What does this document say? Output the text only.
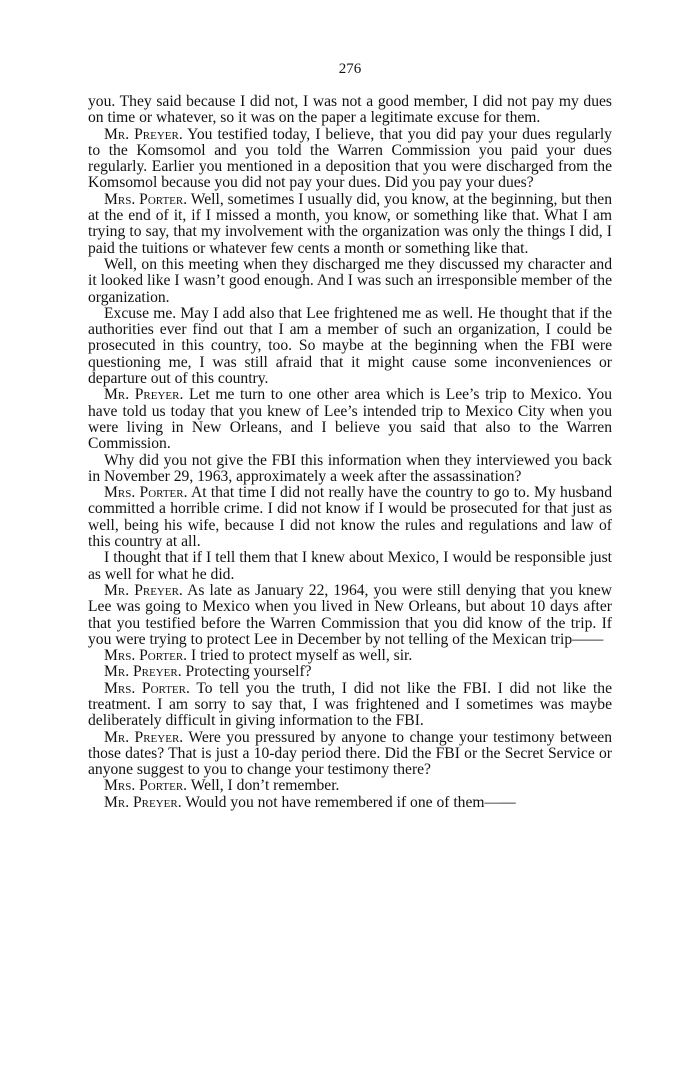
276

you. They said because I did not, I was not a good member, I did not pay my dues on time or whatever, so it was on the paper a legitimate excuse for them.

Mr. Preyer. You testified today, I believe, that you did pay your dues regularly to the Komsomol and you told the Warren Commission you paid your dues regularly. Earlier you mentioned in a deposition that you were discharged from the Komsomol because you did not pay your dues. Did you pay your dues?

Mrs. Porter. Well, sometimes I usually did, you know, at the beginning, but then at the end of it, if I missed a month, you know, or something like that. What I am trying to say, that my involvement with the organization was only the things I did, I paid the tuitions or whatever few cents a month or something like that.

Well, on this meeting when they discharged me they discussed my character and it looked like I wasn’t good enough. And I was such an irresponsible member of the organization.

Excuse me. May I add also that Lee frightened me as well. He thought that if the authorities ever find out that I am a member of such an organization, I could be prosecuted in this country, too. So maybe at the beginning when the FBI were questioning me, I was still afraid that it might cause some inconveniences or departure out of this country.

Mr. Preyer. Let me turn to one other area which is Lee’s trip to Mexico. You have told us today that you knew of Lee’s intended trip to Mexico City when you were living in New Orleans, and I believe you said that also to the Warren Commission.

Why did you not give the FBI this information when they interviewed you back in November 29, 1963, approximately a week after the assassination?

Mrs. Porter. At that time I did not really have the country to go to. My husband committed a horrible crime. I did not know if I would be prosecuted for that just as well, being his wife, because I did not know the rules and regulations and law of this country at all.

I thought that if I tell them that I knew about Mexico, I would be responsible just as well for what he did.

Mr. Preyer. As late as January 22, 1964, you were still denying that you knew Lee was going to Mexico when you lived in New Orleans, but about 10 days after that you testified before the Warren Commission that you did know of the trip. If you were trying to protect Lee in December by not telling of the Mexican trip——

Mrs. Porter. I tried to protect myself as well, sir.

Mr. Preyer. Protecting yourself?

Mrs. Porter. To tell you the truth, I did not like the FBI. I did not like the treatment. I am sorry to say that, I was frightened and I sometimes was maybe deliberately difficult in giving information to the FBI.

Mr. Preyer. Were you pressured by anyone to change your testimony between those dates? That is just a 10-day period there. Did the FBI or the Secret Service or anyone suggest to you to change your testimony there?

Mrs. Porter. Well, I don’t remember.

Mr. Preyer. Would you not have remembered if one of them——
